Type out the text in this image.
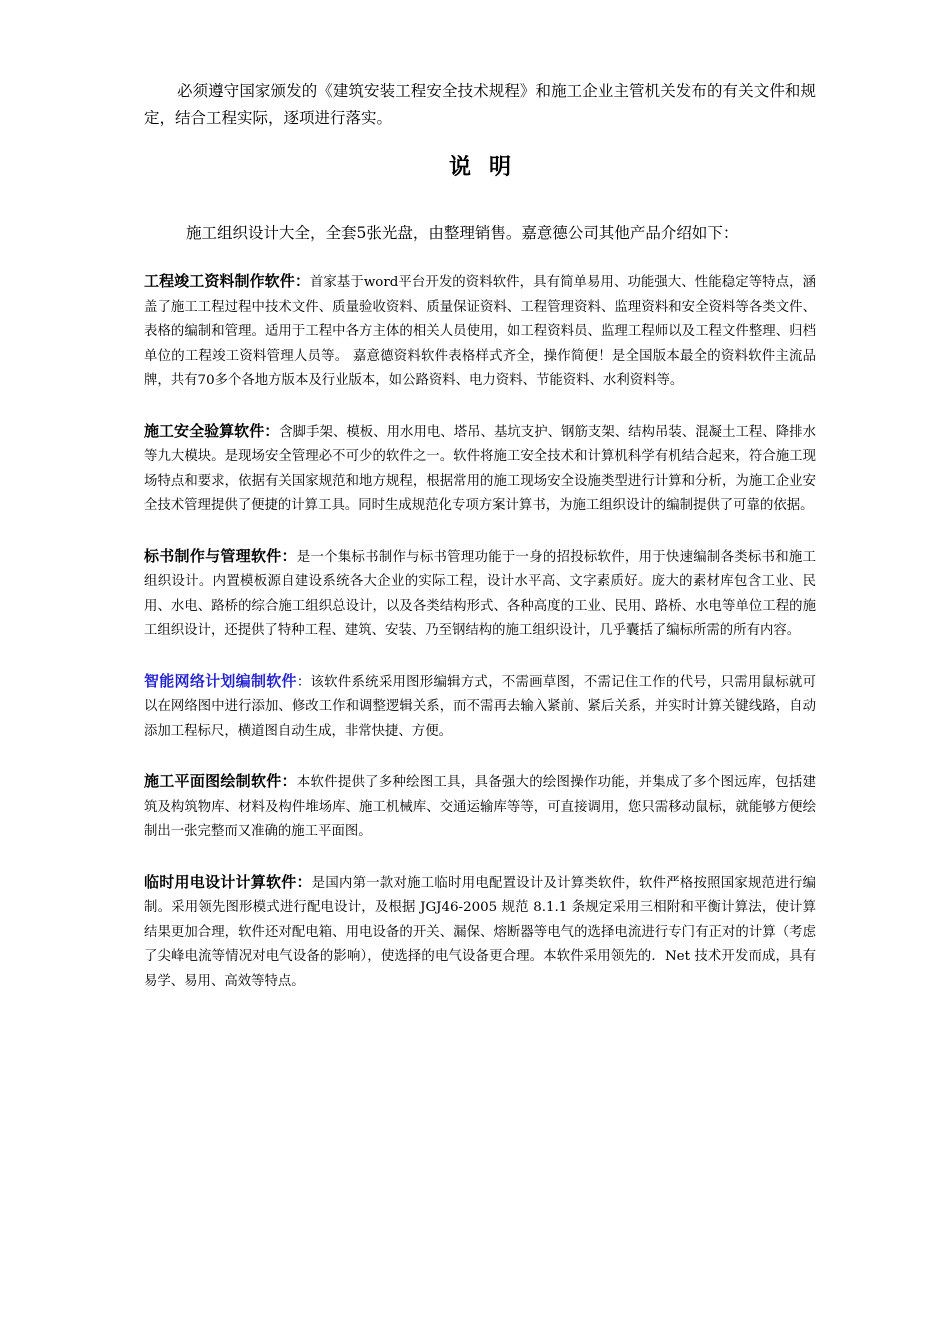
必须遵守国家颁发的《建筑安装工程安全技术规程》和施工企业主管机关发布的有关文件和规定，结合工程实际，逐项进行落实。

说明

施工组织设计大全，全套5张光盘，由整理销售。嘉意德公司其他产品介绍如下：

工程竣工资料制作软件：首家基于word平台开发的资料软件，具有简单易用、功能强大、性能稳定等特点，涵盖了施工工程过程中技术文件、质量验收资料、质量保证资料、工程管理资料、监理资料和安全资料等各类文件、表格的编制和管理。适用于工程中各方主体的相关人员使用，如工程资料员、监理工程师以及工程文件整理、归档单位的工程竣工资料管理人员等。 嘉意德资料软件表格样式齐全，操作简便！是全国版本最全的资料软件主流品牌，共有70多个各地方版本及行业版本，如公路资料、电力资料、节能资料、水利资料等。

施工安全验算软件：含脚手架、模板、用水用电、塔吊、基坑支护、钢筋支架、结构吊装、混凝土工程、降排水等九大模块。是现场安全管理必不可少的软件之一。软件将施工安全技术和计算机科学有机结合起来，符合施工现场特点和要求，依据有关国家规范和地方规程，根据常用的施工现场安全设施类型进行计算和分析，为施工企业安全技术管理提供了便捷的计算工具。同时生成规范化专项方案计算书，为施工组织设计的编制提供了可靠的依据。

标书制作与管理软件：是一个集标书制作与标书管理功能于一身的招投标软件，用于快速编制各类标书和施工组织设计。内置模板源自建设系统各大企业的实际工程，设计水平高、文字素质好。庞大的素材库包含工业、民用、水电、路桥的综合施工组织总设计，以及各类结构形式、各种高度的工业、民用、路桥、水电等单位工程的施工组织设计，还提供了特种工程、建筑、安装、乃至钢结构的施工组织设计，几乎囊括了编标所需的所有内容。

智能网络计划编制软件：该软件系统采用图形编辑方式，不需画草图，不需记住工作的代号，只需用鼠标就可以在网络图中进行添加、修改工作和调整逻辑关系，而不需再去输入紧前、紧后关系，并实时计算关键线路，自动添加工程标尺，横道图自动生成，非常快捷、方便。

施工平面图绘制软件：本软件提供了多种绘图工具，具备强大的绘图操作功能，并集成了多个图远库，包括建筑及构筑物库、材料及构件堆场库、施工机械库、交通运输库等等，可直接调用，您只需移动鼠标，就能够方便绘制出一张完整而又准确的施工平面图。

临时用电设计计算软件：是国内第一款对施工临时用电配置设计及计算类软件，软件严格按照国家规范进行编制。采用领先图形模式进行配电设计，及根据 JGJ46-2005 规范 8.1.1 条规定采用三相附和平衡计算法，使计算结果更加合理，软件还对配电箱、用电设备的开关、漏保、熔断器等电气的选择电流进行专门有正对的计算（考虑了尖峰电流等情况对电气设备的影响），使选择的电气设备更合理。本软件采用领先的．Net 技术开发而成，具有易学、易用、高效等特点。
